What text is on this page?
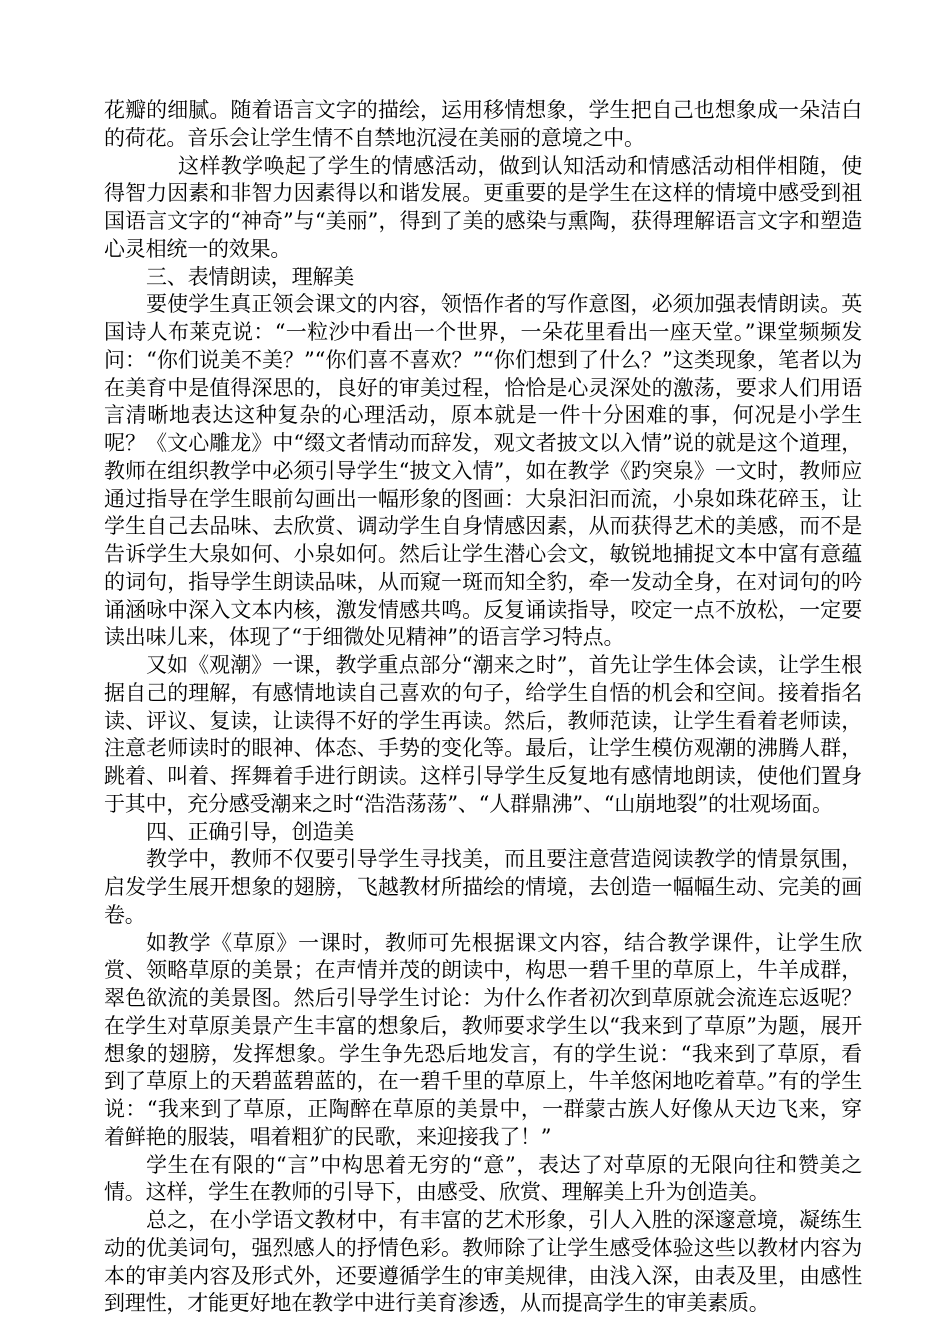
花瓣的细腻。随着语言文字的描绘，运用移情想象，学生把自己也想象成一朵洁白的荷花。音乐会让学生情不自禁地沉浸在美丽的意境之中。

这样教学唤起了学生的情感活动，做到认知活动和情感活动相伴相随，使得智力因素和非智力因素得以和谐发展。更重要的是学生在这样的情境中感受到祖国语言文字的“神奇”与“美丽”，得到了美的感染与熏陶，获得理解语言文字和塑造心灵相统一的效果。

三、表情朗读，理解美

要使学生真正领会课文的内容，领悟作者的写作意图，必须加强表情朗读。英国诗人布莱克说：“一粒沙中看出一个世界，一朵花里看出一座天堂。”课堂频频发问：“你们说美不美？”“你们喜不喜欢？”“你们想到了什么？”这类现象，笔者以为在美育中是值得深思的，良好的审美过程，恰恰是心灵深处的激荡，要求人们用语言清晰地表达这种复杂的心理活动，原本就是一件十分困难的事，何况是小学生呢？《文心雕龙》中“缀文者情动而辞发，观文者披文以入情”说的就是这个道理，教师在组织教学中必须引导学生“披文入情”，如在教学《趵突泉》一文时，教师应通过指导在学生眼前勾画出一幅形象的图画：大泉汩汩而流，小泉如珠花碎玉，让学生自己去品味、去欣赏、调动学生自身情感因素，从而获得艺术的美感，而不是告诉学生大泉如何、小泉如何。然后让学生潜心会文，敏锐地捕捉文本中富有意蕴的词句，指导学生朗读品味，从而窥一斑而知全豹，牵一发动全身，在对词句的吟诵涵咏中深入文本内核，激发情感共鸣。反复诵读指导，咬定一点不放松，一定要读出味儿来，体现了“于细微处见精神”的语言学习特点。

又如《观潮》一课，教学重点部分“潮来之时”，首先让学生体会读，让学生根据自己的理解，有感情地读自己喜欢的句子，给学生自悟的机会和空间。接着指名读、评议、复读，让读得不好的学生再读。然后，教师范读，让学生看着老师读，注意老师读时的眼神、体态、手势的变化等。最后，让学生模仿观潮的沸腾人群，跳着、叫着、挥舞着手进行朗读。这样引导学生反复地有感情地朗读，使他们置身于其中，充分感受潮来之时“浩浩荡荡”、“人群鼎沸”、“山崩地裂”的壮观场面。

四、正确引导，创造美

教学中，教师不仅要引导学生寻找美，而且要注意营造阅读教学的情景氛围，启发学生展开想象的翅膀，飞越教材所描绘的情境，去创造一幅幅生动、完美的画卷。

如教学《草原》一课时，教师可先根据课文内容，结合教学课件，让学生欣赏、领略草原的美景；在声情并茂的朗读中，构思一碧千里的草原上，牛羊成群，翠色欲流的美景图。然后引导学生讨论：为什么作者初次到草原就会流连忘返呢？在学生对草原美景产生丰富的想象后，教师要求学生以“我来到了草原”为题，展开想象的翅膀，发挥想象。学生争先恐后地发言，有的学生说：“我来到了草原，看到了草原上的天碧蓝碧蓝的，在一碧千里的草原上，牛羊悠闲地吃着草。”有的学生说：“我来到了草原，正陶醉在草原的美景中，一群蒙古族人好像从天边飞来，穿着鲜艳的服装，唱着粗犷的民歌，来迎接我了！”

学生在有限的“言”中构思着无穷的“意”，表达了对草原的无限向往和赞美之情。这样，学生在教师的引导下，由感受、欣赏、理解美上升为创造美。

总之，在小学语文教材中，有丰富的艺术形象，引人入胜的深邃意境，凝练生动的优美词句，强烈感人的抒情色彩。教师除了让学生感受体验这些以教材内容为本的审美内容及形式外，还要遵循学生的审美规律，由浅入深，由表及里，由感性到理性，才能更好地在教学中进行美育渗透，从而提高学生的审美素质。
